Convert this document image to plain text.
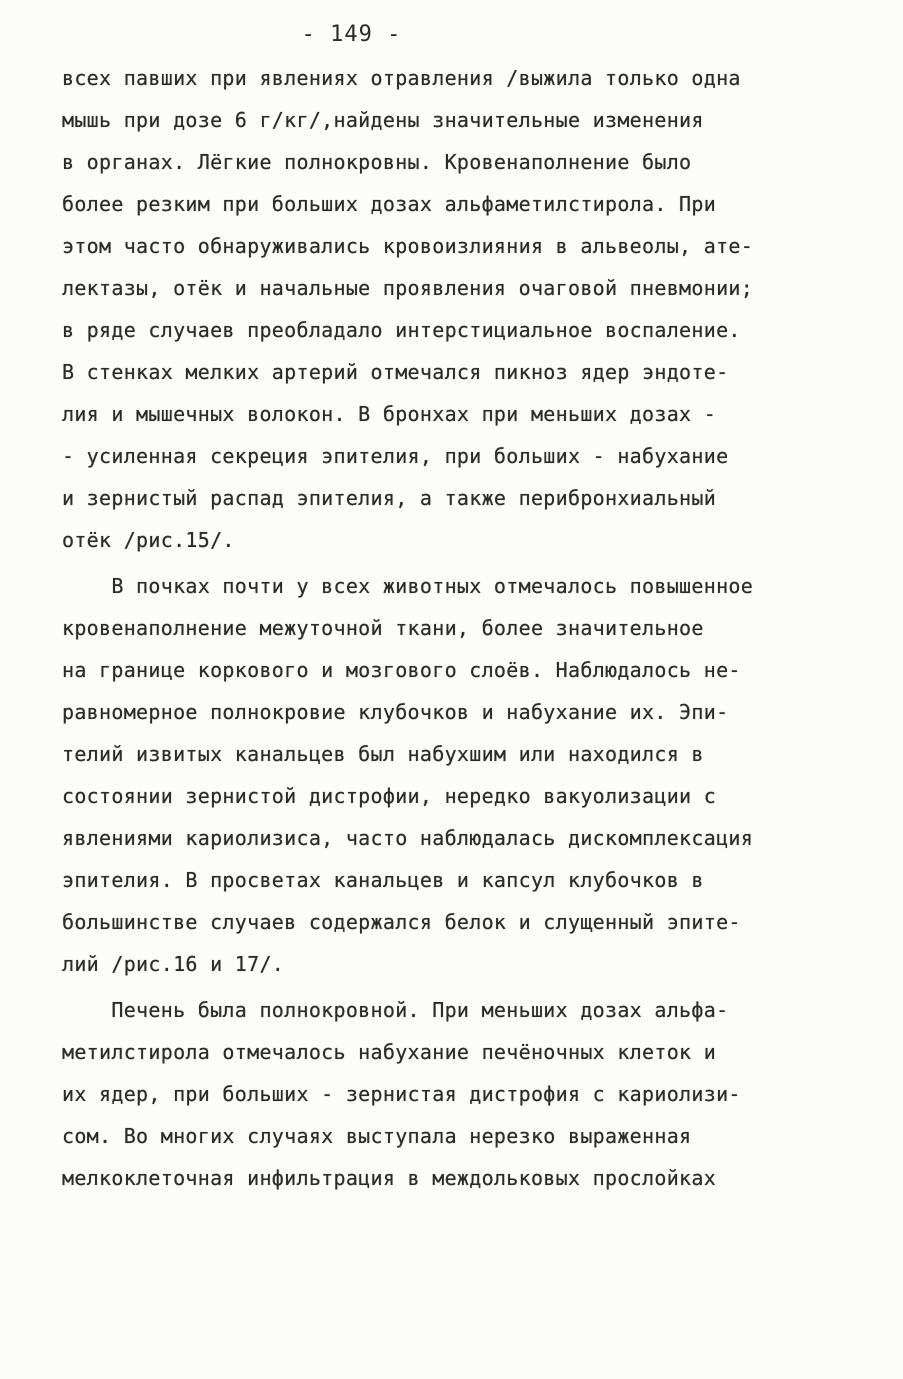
- 149 -
всех павших при явлениях отравления /выжила только одна
мышь при дозе 6 г/кг/,найдены значительные изменения
в органах. Лёгкие полнокровны. Кровенаполнение было
более резким при больших дозах альфаметилстирола. При
этом часто обнаруживались кровоизлияния в альвеолы, ате-
лектазы, отёк и начальные проявления очаговой пневмонии;
в ряде случаев преобладало интерстициальное воспаление.
В стенках мелких артерий отмечался пикноз ядер эндоте-
лия и мышечных волокон. В бронхах при меньших дозах -
- усиленная секреция эпителия, при больших - набухание
и зернистый распад эпителия, а также перибронхиальный
отёк /рис.15/.
В почках почти у всех животных отмечалось повышенное
кровенаполнение межуточной ткани, более значительное
на границе коркового и мозгового слоёв. Наблюдалось не-
равномерное полнокровие клубочков и набухание их. Эпи-
телий извитых канальцев был набухшим или находился в
состоянии зернистой дистрофии, нередко вакуолизации с
явлениями кариолизиса, часто наблюдалась дискомплексация
эпителия. В просветах канальцев и капсул клубочков в
большинстве случаев содержался белок и слущенный эпите-
лий /рис.16 и 17/.
Печень была полнокровной. При меньших дозах альфа-
метилстирола отмечалось набухание печёночных клеток и
их ядер, при больших - зернистая дистрофия с кариолизи-
сом. Во многих случаях выступала нерезко выраженная
мелкоклеточная инфильтрация в междольковых прослойках
